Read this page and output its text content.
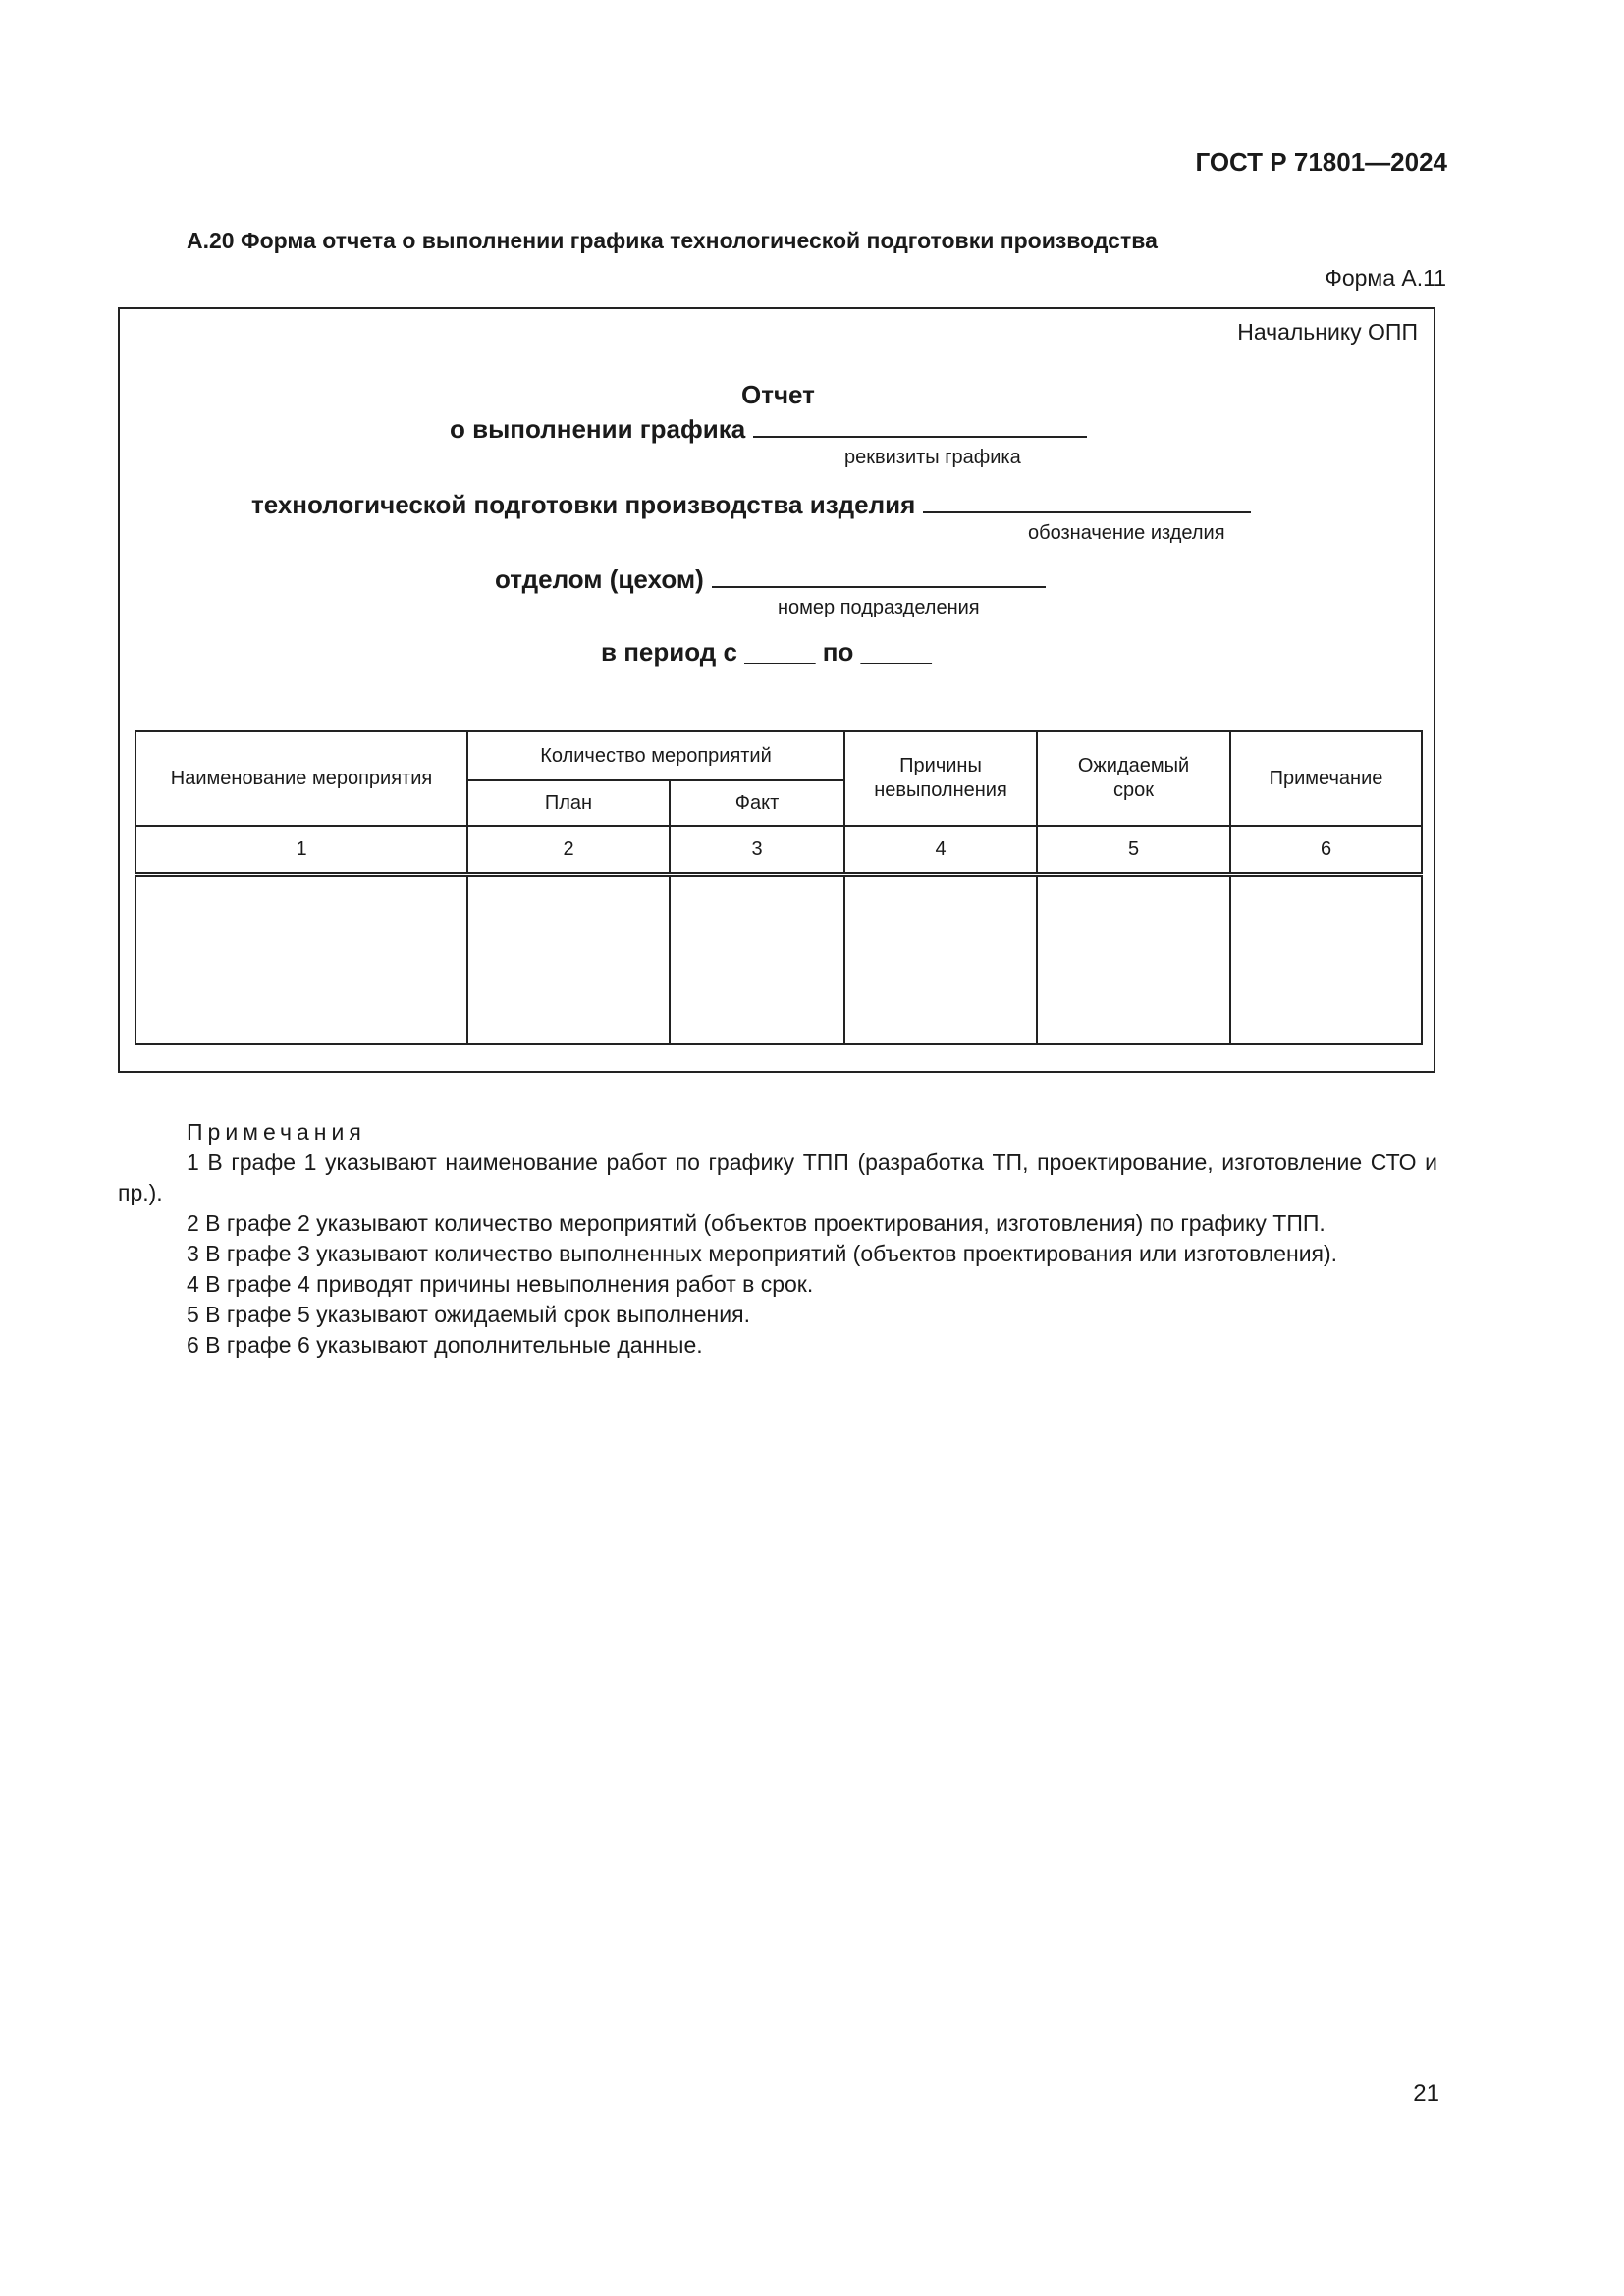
ГОСТ Р 71801—2024
А.20 Форма отчета о выполнении графика технологической подготовки производства
Форма А.11
Начальнику ОПП
Отчет
о выполнении графика
реквизиты графика
технологической подготовки производства изделия
обозначение изделия
отделом (цехом)
номер подразделения
в период с _____ по _____
Наименование мероприятия	Количество мероприятий		Причины невыполнения	Ожидаемый срок	Примечание
	План	Факт			
1	2	3	4	5	6

Примечания
1 В графе 1 указывают наименование работ по графику ТПП (разработка ТП, проектирование, изготовление СТО и пр.).
2 В графе 2 указывают количество мероприятий (объектов проектирования, изготовления) по графику ТПП.
3 В графе 3 указывают количество выполненных мероприятий (объектов проектирования или изготовления).
4 В графе 4 приводят причины невыполнения работ в срок.
5 В графе 5 указывают ожидаемый срок выполнения.
6 В графе 6 указывают дополнительные данные.
21
